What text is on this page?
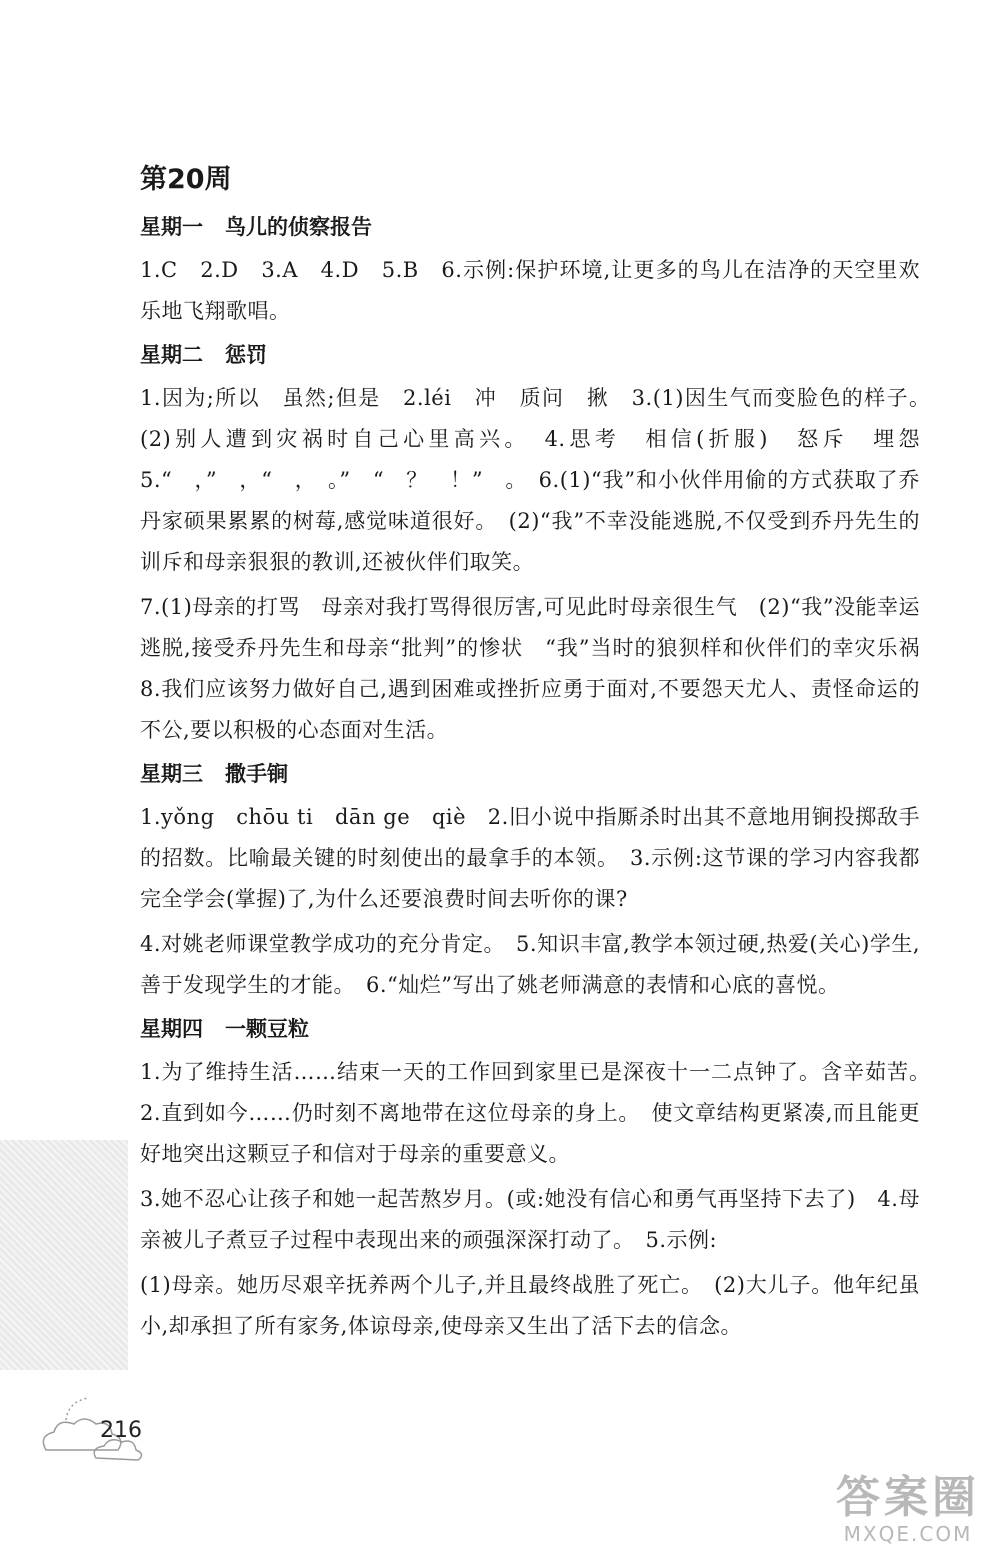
第20周
星期一 鸟儿的侦察报告

1.C　2.D　3.A　4.D　5.B　6.示例:保护环境,让更多的鸟儿在洁净的天空里欢乐地飞翔歌唱。

星期二 惩罚

1.因为;所以　虽然;但是　2.léi　冲　质问　揪　3.(1)因生气而变脸色的样子。　(2)别人遭到灾祸时自己心里高兴。　4.思考　相信(折服)　怒斥　埋怨　5.“　，”　，“　，　。”　“　？　！”　。　6.(1)“我”和小伙伴用偷的方式获取了乔丹家硕果累累的树莓,感觉味道很好。　(2)“我”不幸没能逃脱,不仅受到乔丹先生的训斥和母亲狠狠的教训,还被伙伴们取笑。

7.(1)母亲的打骂　母亲对我打骂得很厉害,可见此时母亲很生气　(2)“我”没能幸运逃脱,接受乔丹先生和母亲“批判”的惨状　“我”当时的狼狈样和伙伴们的幸灾乐祸　8.我们应该努力做好自己,遇到困难或挫折应勇于面对,不要怨天尤人、责怪命运的不公,要以积极的心态面对生活。

星期三 撒手锏

1.yǒng　chōu ti　dān ge　qiè　2.旧小说中指厮杀时出其不意地用锏投掷敌手的招数。比喻最关键的时刻使出的最拿手的本领。　3.示例:这节课的学习内容我都完全学会(掌握)了,为什么还要浪费时间去听你的课?

4.对姚老师课堂教学成功的充分肯定。　5.知识丰富,教学本领过硬,热爱(关心)学生,善于发现学生的才能。　6.“灿烂”写出了姚老师满意的表情和心底的喜悦。

星期四 一颗豆粒

1.为了维持生活……结束一天的工作回到家里已是深夜十一二点钟了。含辛茹苦。　2.直到如今……仍时刻不离地带在这位母亲的身上。　使文章结构更紧凑,而且能更好地突出这颗豆子和信对于母亲的重要意义。

3.她不忍心让孩子和她一起苦熬岁月。(或:她没有信心和勇气再坚持下去了)　4.母亲被儿子煮豆子过程中表现出来的顽强深深打动了。　5.示例:

(1)母亲。她历尽艰辛抚养两个儿子,并且最终战胜了死亡。　(2)大儿子。他年纪虽小,却承担了所有家务,体谅母亲,使母亲又生出了活下去的信念。

216
答案圈
MXQE.COM
